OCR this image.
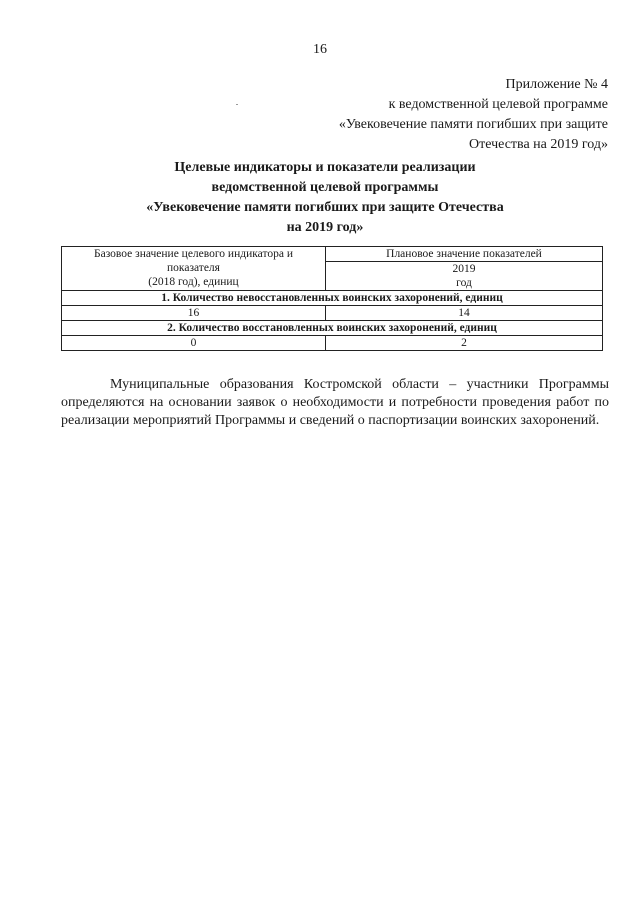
16
Приложение № 4
к ведомственной целевой программе
«Увековечение памяти погибших при защите
Отечества на 2019 год»
Целевые индикаторы и показатели реализации
ведомственной целевой программы
«Увековечение памяти погибших при защите Отечества
на 2019 год»
Базовое значение целевого индикатора и
показателя
(2018 год), единиц	Плановое значение показателей

	2019
год

1. Количество невосстановленных воинских захоронений, единиц	
16	14
2. Количество восстановленных воинских захоронений, единиц	
0	2
Муниципальные образования Костромской области – участники Программы определяются на основании заявок о необходимости и потребности проведения работ по реализации мероприятий Программы и сведений о паспортизации воинских захоронений.
